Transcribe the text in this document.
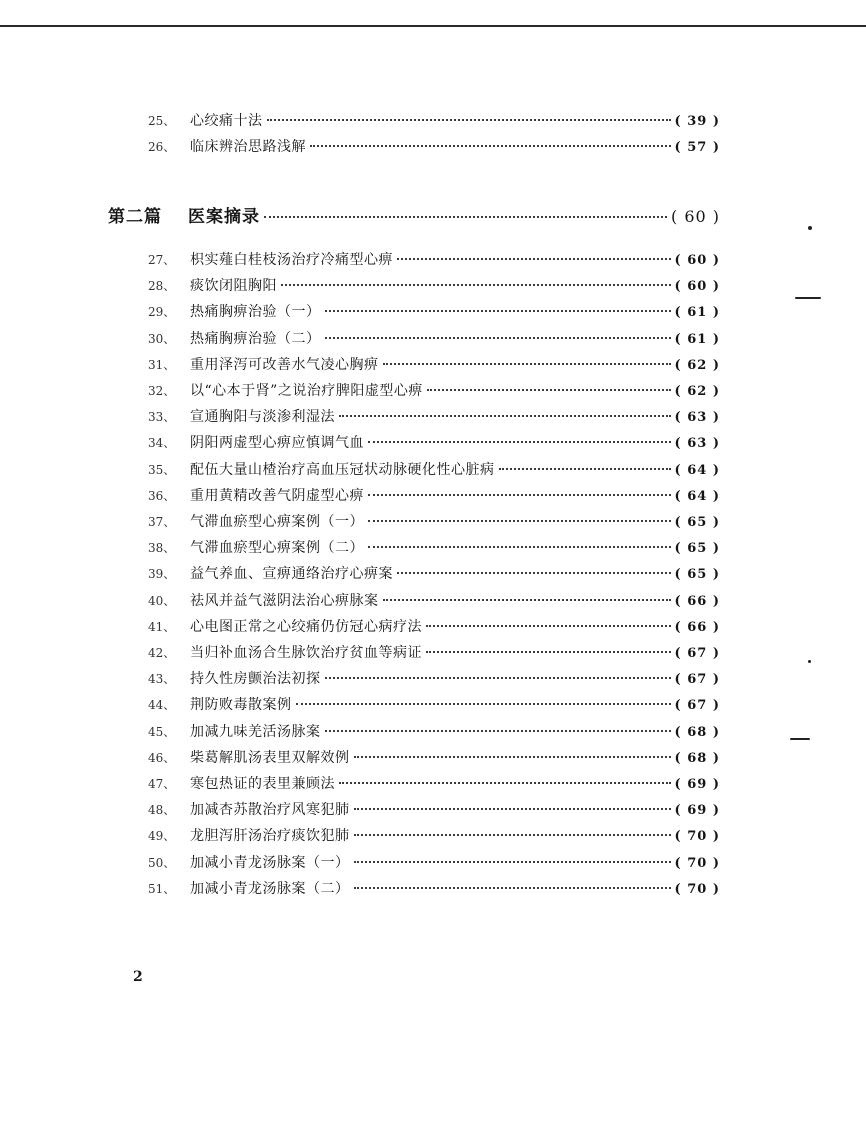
25、	心绞痛十法	( 39 )
26、	临床辨治思路浅解	( 57 )
第二篇 医案摘录	( 60 )
27、	枳实薤白桂枝汤治疗冷痛型心痹	( 60 )
28、	痰饮闭阻胸阳	( 60 )
29、	热痛胸痹治验（一）	( 61 )
30、	热痛胸痹治验（二）	( 61 )
31、	重用泽泻可改善水气凌心胸痹	( 62 )
32、	以“心本于肾”之说治疗脾阳虚型心痹	( 62 )
33、	宣通胸阳与淡渗利湿法	( 63 )
34、	阴阳两虚型心痹应慎调气血	( 63 )
35、	配伍大量山楂治疗高血压冠状动脉硬化性心脏病	( 64 )
36、	重用黄精改善气阴虚型心痹	( 64 )
37、	气滞血瘀型心痹案例（一）	( 65 )
38、	气滞血瘀型心痹案例（二）	( 65 )
39、	益气养血、宣痹通络治疗心痹案	( 65 )
40、	祛风并益气滋阴法治心痹脉案	( 66 )
41、	心电图正常之心绞痛仍仿冠心病疗法	( 66 )
42、	当归补血汤合生脉饮治疗贫血等病证	( 67 )
43、	持久性房颤治法初探	( 67 )
44、	荆防败毒散案例	( 67 )
45、	加减九味羌活汤脉案	( 68 )
46、	柴葛解肌汤表里双解效例	( 68 )
47、	寒包热证的表里兼顾法	( 69 )
48、	加减杏苏散治疗风寒犯肺	( 69 )
49、	龙胆泻肝汤治疗痰饮犯肺	( 70 )
50、	加减小青龙汤脉案（一）	( 70 )
51、	加减小青龙汤脉案（二）	( 70 )
2
